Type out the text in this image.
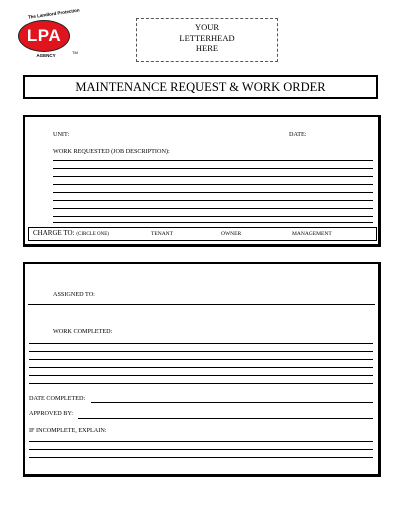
The Landlord Protection
LPA
AGENCY
TM
YOUR
LETTERHEAD
HERE
MAINTENANCE REQUEST & WORK ORDER
UNIT:	DATE:
WORK REQUESTED (JOB DESCRIPTION):
CHARGE TO: (CIRCLE ONE)	TENANT	OWNER	MANAGEMENT
ASSIGNED TO:
WORK COMPLETED:
DATE COMPLETED:
APPROVED BY:
IF INCOMPLETE, EXPLAIN:
